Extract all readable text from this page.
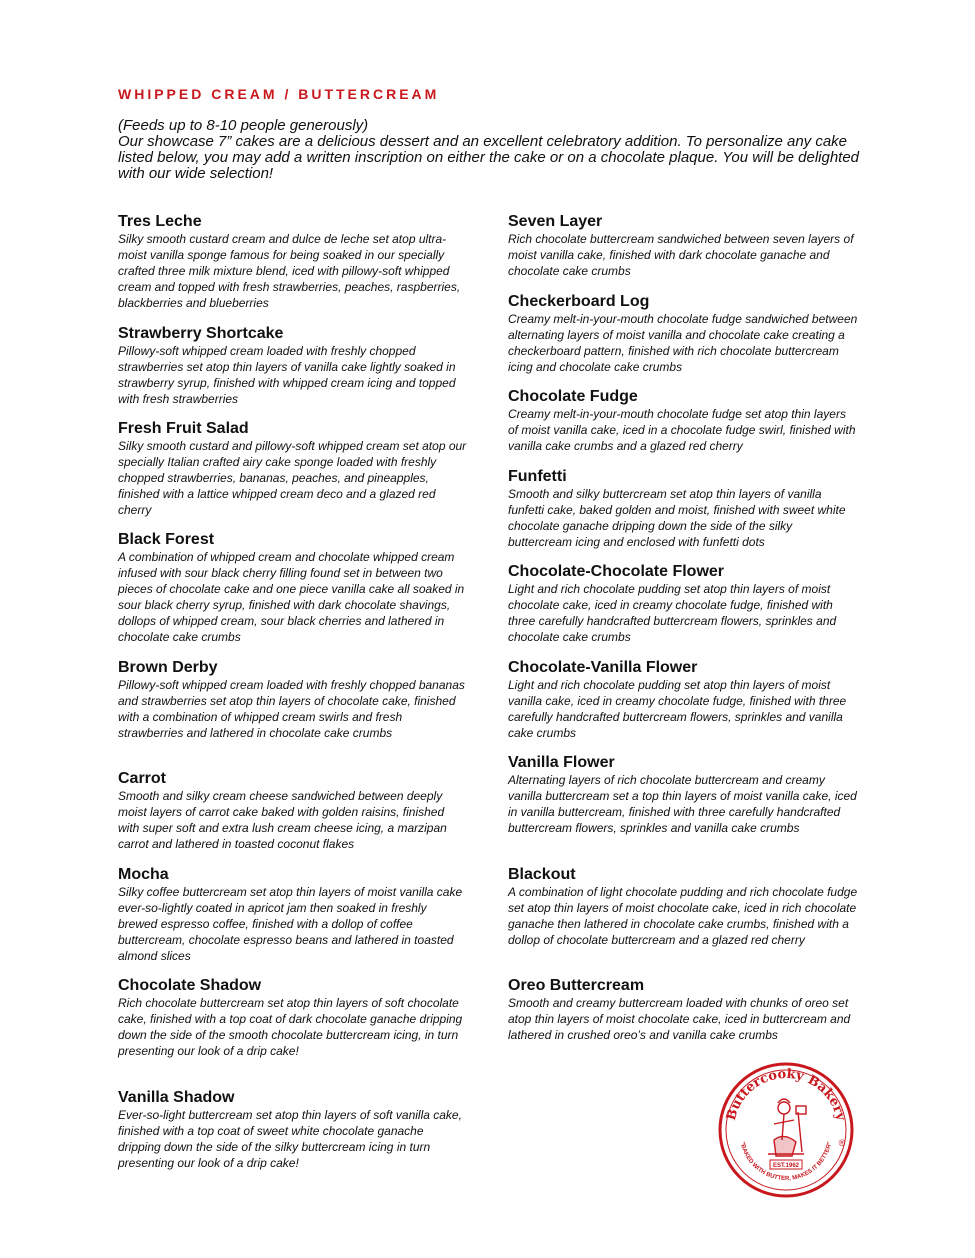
WHIPPED CREAM / BUTTERCREAM

(Feeds up to 8-10 people generously)

Our showcase 7” cakes are a delicious dessert and an excellent celebratory addition. To personalize any cake listed below, you may add a written inscription on either the cake or on a chocolate plaque. You will be delighted with our wide selection!

Tres Leche

Silky smooth custard cream and dulce de leche set atop ultra-moist vanilla sponge famous for being soaked in our specially crafted three milk mixture blend, iced with pillowy-soft whipped cream and topped with fresh strawberries, peaches, raspberries, blackberries and blueberries

Strawberry Shortcake

Pillowy-soft whipped cream loaded with freshly chopped strawberries set atop thin layers of vanilla cake lightly soaked in strawberry syrup, finished with whipped cream icing and topped with fresh strawberries

Fresh Fruit Salad

Silky smooth custard and pillowy-soft whipped cream set atop our specially Italian crafted airy cake sponge loaded with freshly chopped strawberries, bananas, peaches, and pineapples, finished with a lattice whipped cream deco and a glazed red cherry

Black Forest

A combination of whipped cream and chocolate whipped cream infused with sour black cherry filling found set in between two pieces of chocolate cake and one piece vanilla cake all soaked in sour black cherry syrup, finished with dark chocolate shavings, dollops of whipped cream, sour black cherries and lathered in chocolate cake crumbs

Brown Derby

Pillowy-soft whipped cream loaded with freshly chopped bananas and strawberries set atop thin layers of chocolate cake, finished with a combination of whipped cream swirls and fresh strawberries and lathered in chocolate cake crumbs

Carrot

Smooth and silky cream cheese sandwiched between deeply moist layers of carrot cake baked with golden raisins, finished with super soft and extra lush cream cheese icing, a marzipan carrot and lathered in toasted coconut flakes

Mocha

Silky coffee buttercream set atop thin layers of moist vanilla cake ever-so-lightly coated in apricot jam then soaked in freshly brewed espresso coffee, finished with a dollop of coffee buttercream, chocolate espresso beans and lathered in toasted almond slices

Chocolate Shadow

Rich chocolate buttercream set atop thin layers of soft chocolate cake, finished with a top coat of dark chocolate ganache dripping down the side of the smooth chocolate buttercream icing, in turn presenting our look of a drip cake!

Vanilla Shadow

Ever-so-light buttercream set atop thin layers of soft vanilla cake, finished with a top coat of sweet white chocolate ganache dripping down the side of the silky buttercream icing in turn presenting our look of a drip cake!

Seven Layer

Rich chocolate buttercream sandwiched between seven layers of moist vanilla cake, finished with dark chocolate ganache and chocolate cake crumbs

Checkerboard Log

Creamy melt-in-your-mouth chocolate fudge sandwiched between alternating layers of moist vanilla and chocolate cake creating a checkerboard pattern, finished with rich chocolate buttercream icing and chocolate cake crumbs

Chocolate Fudge

Creamy melt-in-your-mouth chocolate fudge set atop thin layers of moist vanilla cake, iced in a chocolate fudge swirl, finished with vanilla cake crumbs and a glazed red cherry

Funfetti

Smooth and silky buttercream set atop thin layers of vanilla funfetti cake, baked golden and moist, finished with sweet white chocolate ganache dripping down the side of the silky buttercream icing and enclosed with funfetti dots

Chocolate-Chocolate Flower

Light and rich chocolate pudding set atop thin layers of moist chocolate cake, iced in creamy chocolate fudge, finished with three carefully handcrafted buttercream flowers, sprinkles and chocolate cake crumbs

Chocolate-Vanilla Flower

Light and rich chocolate pudding set atop thin layers of moist vanilla cake, iced in creamy chocolate fudge, finished with three carefully handcrafted buttercream flowers, sprinkles and vanilla cake crumbs

Vanilla Flower

Alternating layers of rich chocolate buttercream and creamy vanilla buttercream set a top thin layers of moist vanilla cake, iced in vanilla buttercream, finished with three carefully handcrafted buttercream flowers, sprinkles and vanilla cake crumbs

Blackout

A combination of light chocolate pudding and rich chocolate fudge set atop thin layers of moist chocolate cake, iced in rich chocolate ganache then lathered in chocolate cake crumbs, finished with a dollop of chocolate buttercream and a glazed red cherry

Oreo Buttercream

Smooth and creamy buttercream loaded with chunks of oreo set atop thin layers of moist chocolate cake, iced in buttercream and lathered in crushed oreo’s and vanilla cake crumbs

Buttercooky Bakery
"BAKED WITH BUTTER, MAKES IT BETTER"
EST.1962
®
